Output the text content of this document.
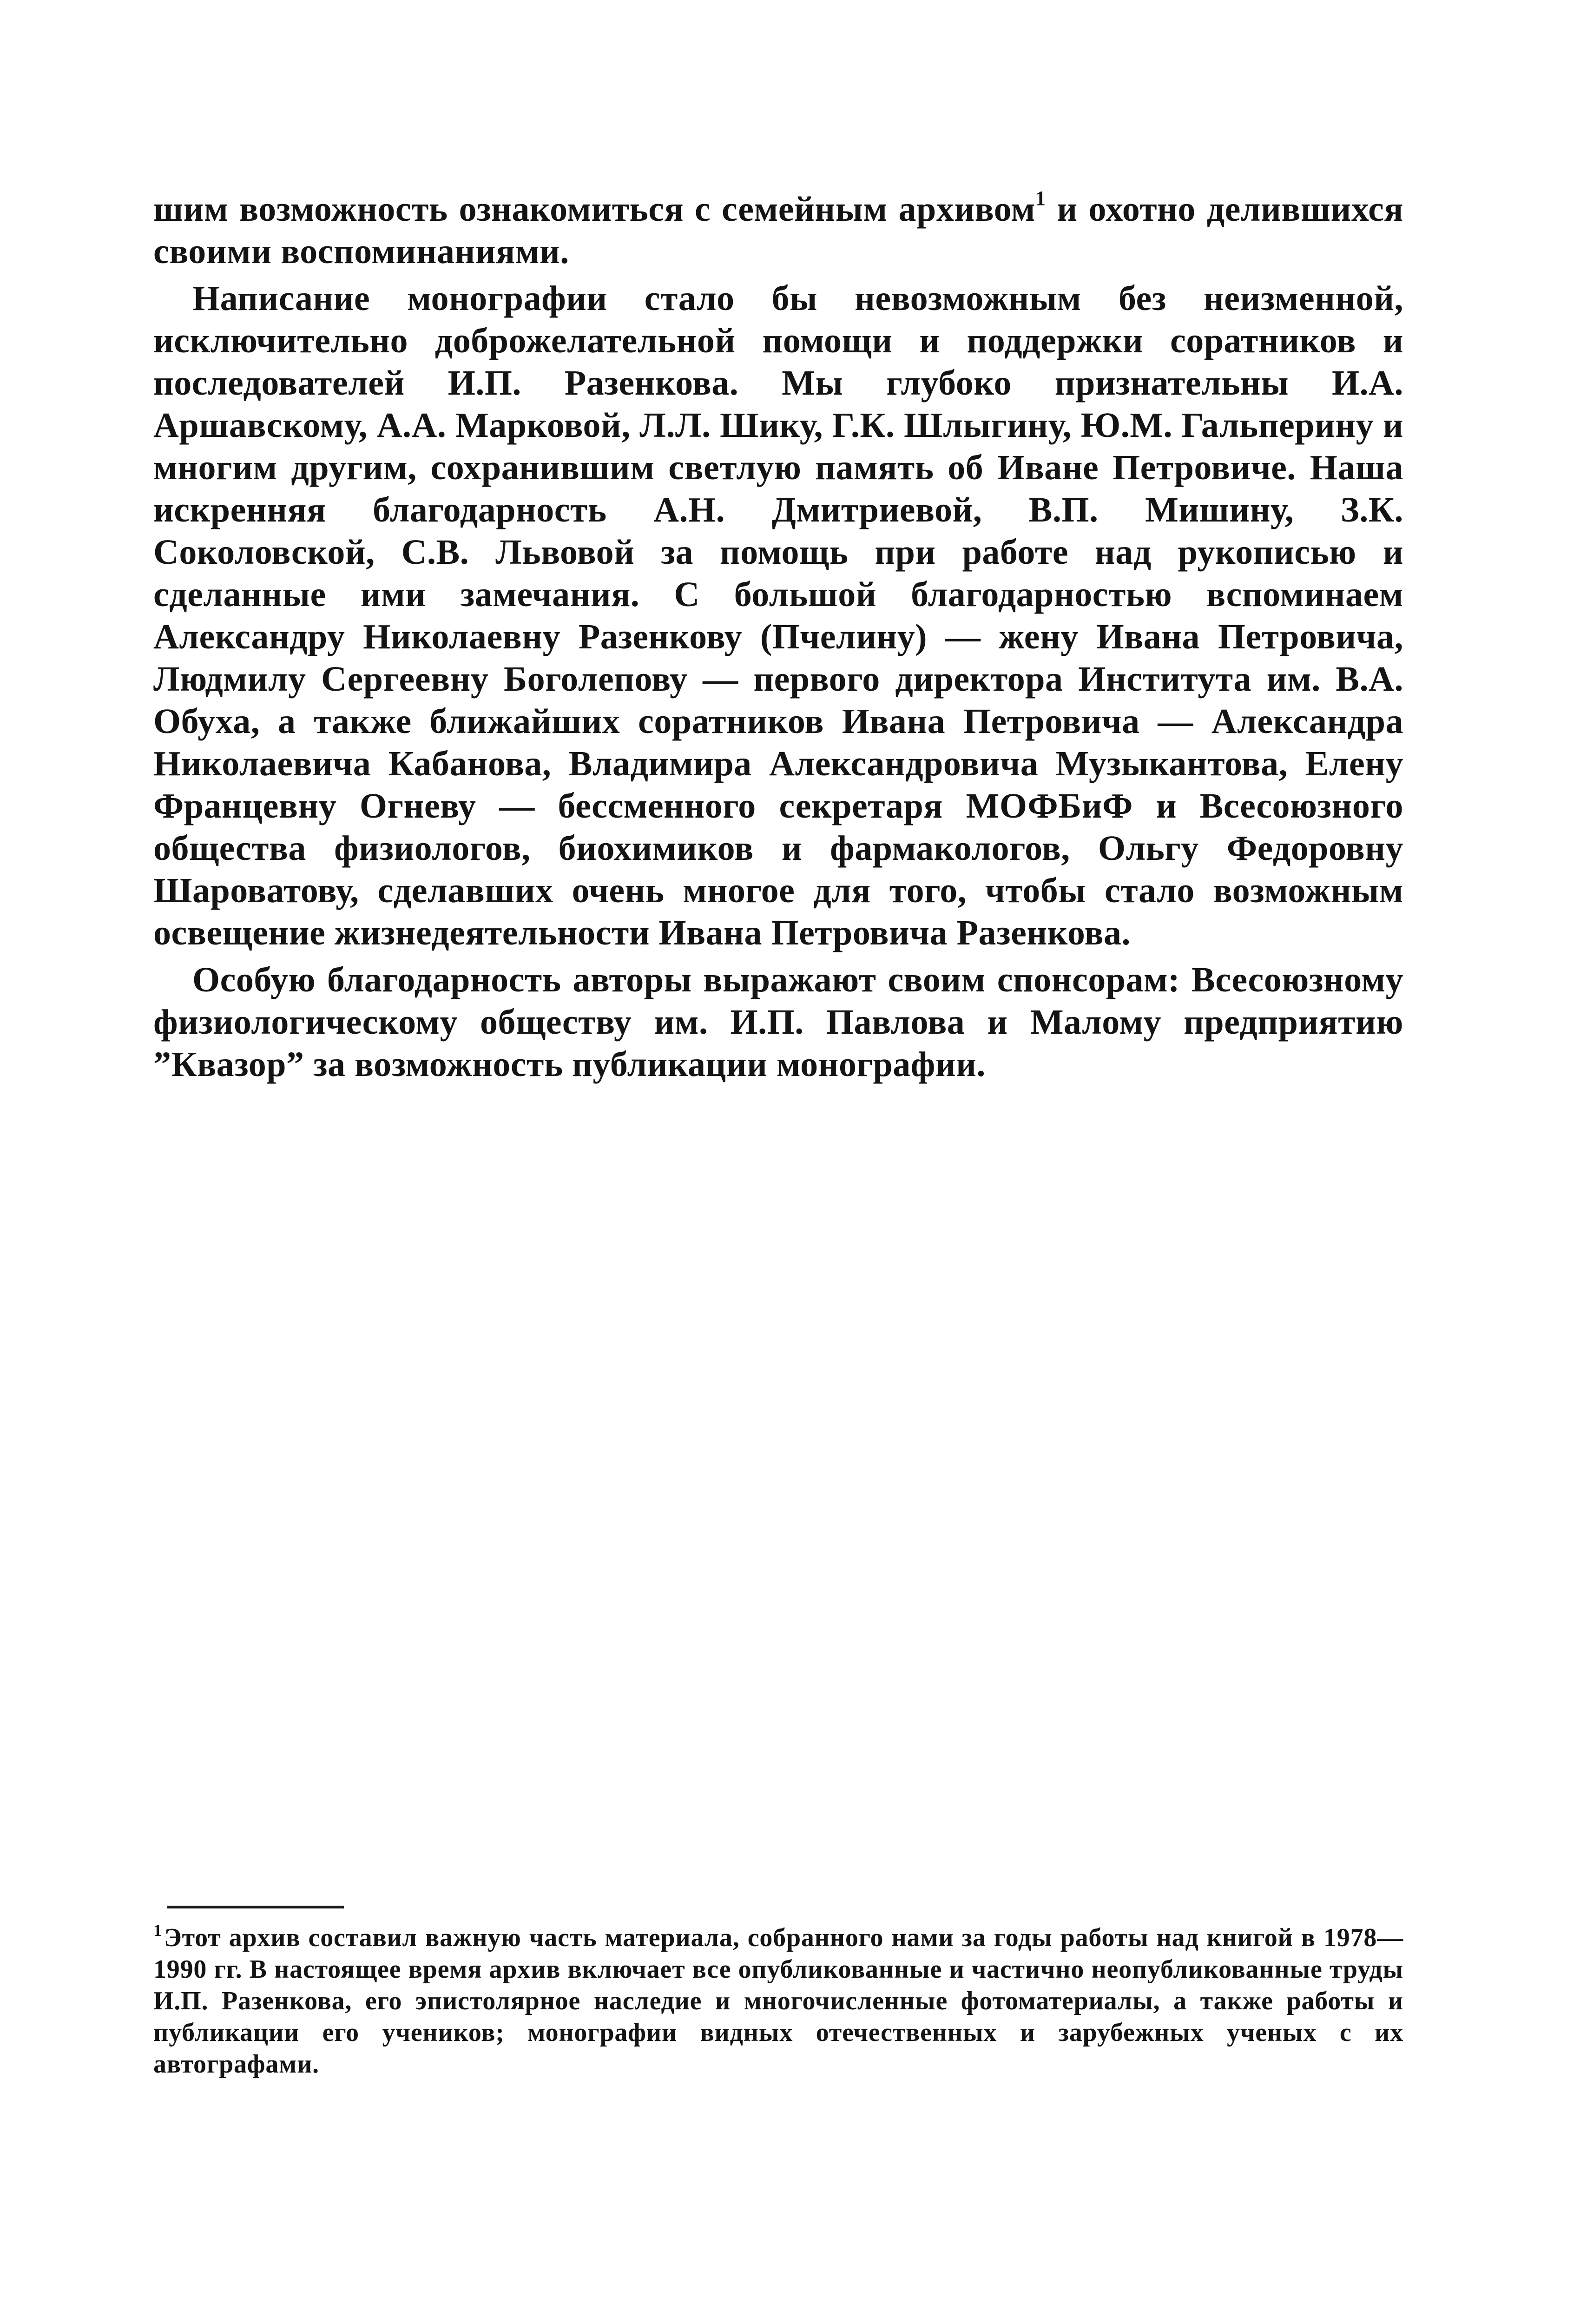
шим возможность ознакомиться с семейным архивом$^1$ и охотно делившихся своими воспоминаниями.

Написание монографии стало бы невозможным без неизменной, исключительно доброжелательной помощи и поддержки соратников и последователей И.П. Разенкова. Мы глубоко признательны И.А. Аршавскому, А.А. Марковой, Л.Л. Шику, Г.К. Шлыгину, Ю.М. Гальперину и многим другим, сохранившим светлую память об Иване Петровиче. Наша искренняя благодарность А.Н. Дмитриевой, В.П. Мишину, З.К. Соколовской, С.В. Львовой за помощь при работе над рукописью и сделанные ими замечания. С большой благодарностью вспоминаем Александру Николаевну Разенкову (Пчелину) — жену Ивана Петровича, Людмилу Сергеевну Боголепову — первого директора Института им. В.А. Обуха, а также ближайших соратников Ивана Петровича — Александра Николаевича Кабанова, Владимира Александровича Музыкантова, Елену Францевну Огневу — бессменного секретаря МОФБиФ и Всесоюзного общества физиологов, биохимиков и фармакологов, Ольгу Федоровну Шароватову, сделавших очень многое для того, чтобы стало возможным освещение жизнедеятельности Ивана Петровича Разенкова.

Особую благодарность авторы выражают своим спонсорам: Всесоюзному физиологическому обществу им. И.П. Павлова и Малому предприятию ”Квазор” за возможность публикации монографии.

$^1$Этот архив составил важную часть материала, собранного нами за годы работы над книгой в 1978—1990 гг. В настоящее время архив включает все опубликованные и частично неопубликованные труды И.П. Разенкова, его эпистолярное наследие и многочисленные фотоматериалы, а также работы и публикации его учеников; монографии видных отечественных и зарубежных ученых с их автографами.
